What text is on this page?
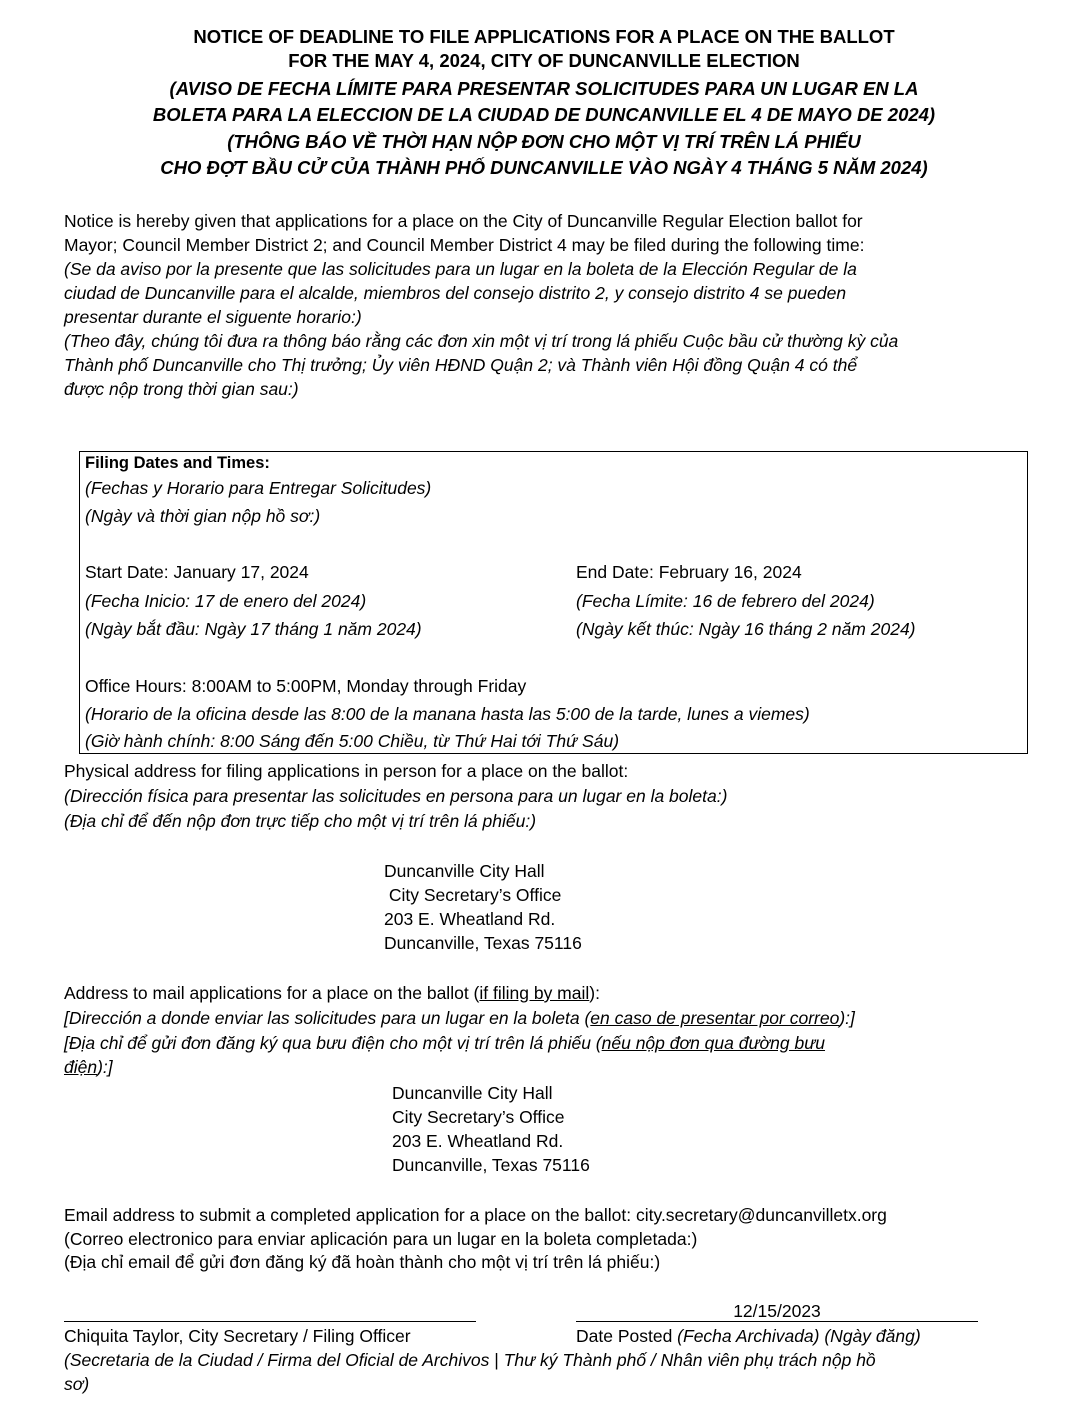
NOTICE OF DEADLINE TO FILE APPLICATIONS FOR A PLACE ON THE BALLOT
FOR THE MAY 4, 2024, CITY OF DUNCANVILLE ELECTION
(AVISO DE FECHA LÍMITE PARA PRESENTAR SOLICITUDES PARA UN LUGAR EN LA
BOLETA PARA LA ELECCION DE LA CIUDAD DE DUNCANVILLE EL 4 DE MAYO DE 2024)
(THÔNG BÁO VỀ THỜI HẠN NỘP ĐƠN CHO MỘT VỊ TRÍ TRÊN LÁ PHIẾU
CHO ĐỢT BẦU CỬ CỦA THÀNH PHỐ DUNCANVILLE VÀO NGÀY 4 THÁNG 5 NĂM 2024)
Notice is hereby given that applications for a place on the City of Duncanville Regular Election ballot for
Mayor; Council Member District 2; and Council Member District 4 may be filed during the following time:
(Se da aviso por la presente que las solicitudes para un lugar en la boleta de la Elección Regular de la
ciudad de Duncanville para el alcalde, miembros del consejo distrito 2, y consejo distrito 4 se pueden
presentar durante el siguente horario:)
(Theo đây, chúng tôi đưa ra thông báo rằng các đơn xin một vị trí trong lá phiếu Cuộc bầu cử thường kỳ của
Thành phố Duncanville cho Thị trưởng; Ủy viên HĐND Quận 2; và Thành viên Hội đồng Quận 4 có thể
được nộp trong thời gian sau:)
Filing Dates and Times:
(Fechas y Horario para Entregar Solicitudes)
(Ngày và thời gian nộp hồ sơ:)
Start Date: January 17, 2024
(Fecha Inicio: 17 de enero del 2024)
(Ngày bắt đầu: Ngày 17 tháng 1 năm 2024)
End Date: February 16, 2024
(Fecha Límite: 16 de febrero del 2024)
(Ngày kết thúc: Ngày 16 tháng 2 năm 2024)
Office Hours: 8:00AM to 5:00PM, Monday through Friday
(Horario de la oficina desde las 8:00 de la manana hasta las 5:00 de la tarde, lunes a viemes)
(Giờ hành chính: 8:00 Sáng đến 5:00 Chiều, từ Thứ Hai tới Thứ Sáu)
Physical address for filing applications in person for a place on the ballot:
(Dirección física para presentar las solicitudes en persona para un lugar en la boleta:)
(Địa chỉ để đến nộp đơn trực tiếp cho một vị trí trên lá phiếu:)
Duncanville City Hall
City Secretary’s Office
203 E. Wheatland Rd.
Duncanville, Texas 75116
Address to mail applications for a place on the ballot (if filing by mail):
[Dirección a donde enviar las solicitudes para un lugar en la boleta (en caso de presentar por correo):]
[Địa chỉ để gửi đơn đăng ký qua bưu điện cho một vị trí trên lá phiếu (nếu nộp đơn qua đường bưu
điện):]
Duncanville City Hall
City Secretary’s Office
203 E. Wheatland Rd.
Duncanville, Texas 75116
Email address to submit a completed application for a place on the ballot: city.secretary@duncanvilletx.org
(Correo electronico para enviar aplicación para un lugar en la boleta completada:)
(Địa chỉ email để gửi đơn đăng ký đã hoàn thành cho một vị trí trên lá phiếu:)
12/15/2023
Chiquita Taylor, City Secretary / Filing Officer	Date Posted (Fecha Archivada) (Ngày đăng)
(Secretaria de la Ciudad / Firma del Oficial de Archivos | Thư ký Thành phố / Nhân viên phụ trách nộp hồ
sơ)
